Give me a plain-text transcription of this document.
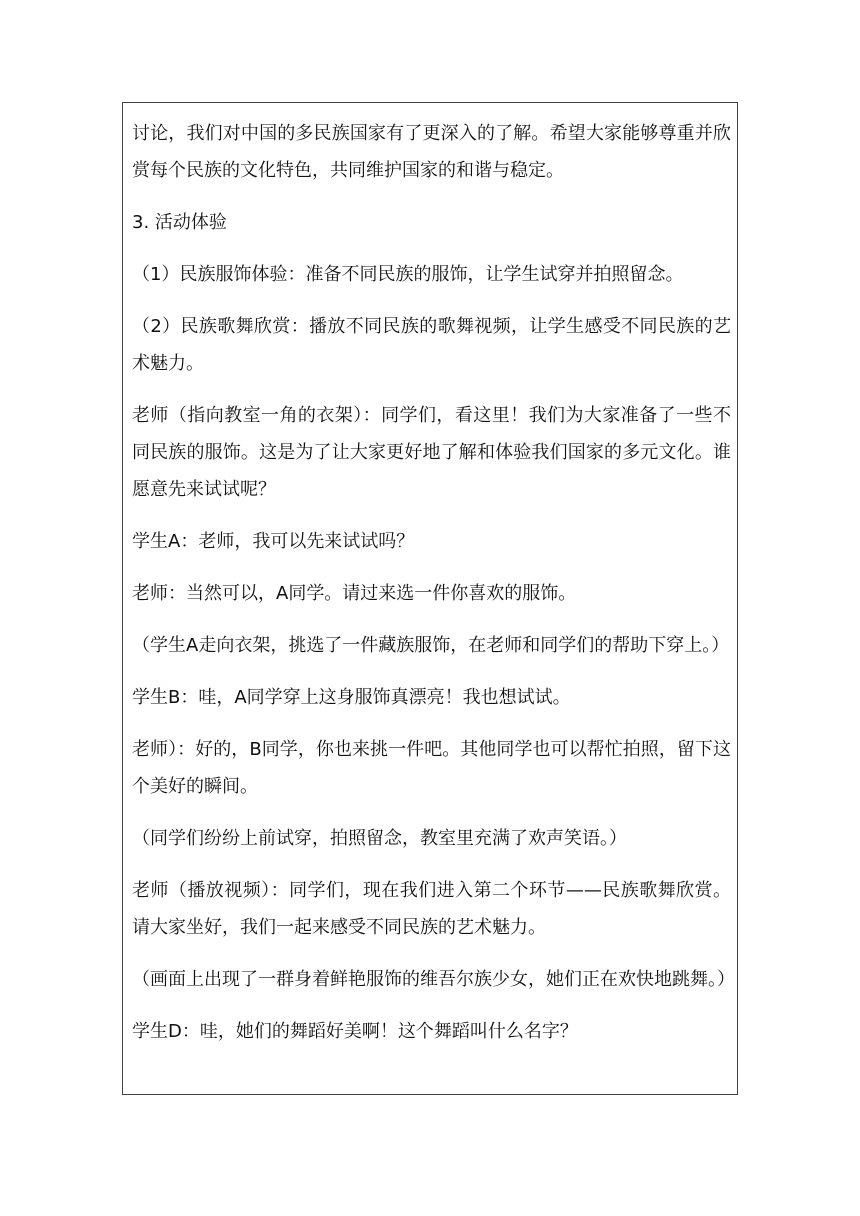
讨论，我们对中国的多民族国家有了更深入的了解。希望大家能够尊重并欣赏每个民族的文化特色，共同维护国家的和谐与稳定。

3. 活动体验

（1）民族服饰体验：准备不同民族的服饰，让学生试穿并拍照留念。

（2）民族歌舞欣赏：播放不同民族的歌舞视频，让学生感受不同民族的艺术魅力。

老师（指向教室一角的衣架）：同学们，看这里！我们为大家准备了一些不同民族的服饰。这是为了让大家更好地了解和体验我们国家的多元文化。谁愿意先来试试呢？

学生A：老师，我可以先来试试吗？

老师：当然可以，A同学。请过来选一件你喜欢的服饰。

（学生A走向衣架，挑选了一件藏族服饰，在老师和同学们的帮助下穿上。）

学生B：哇，A同学穿上这身服饰真漂亮！我也想试试。

老师）：好的，B同学，你也来挑一件吧。其他同学也可以帮忙拍照，留下这个美好的瞬间。

（同学们纷纷上前试穿，拍照留念，教室里充满了欢声笑语。）

老师（播放视频）：同学们，现在我们进入第二个环节——民族歌舞欣赏。请大家坐好，我们一起来感受不同民族的艺术魅力。

（画面上出现了一群身着鲜艳服饰的维吾尔族少女，她们正在欢快地跳舞。）

学生D：哇，她们的舞蹈好美啊！这个舞蹈叫什么名字？
